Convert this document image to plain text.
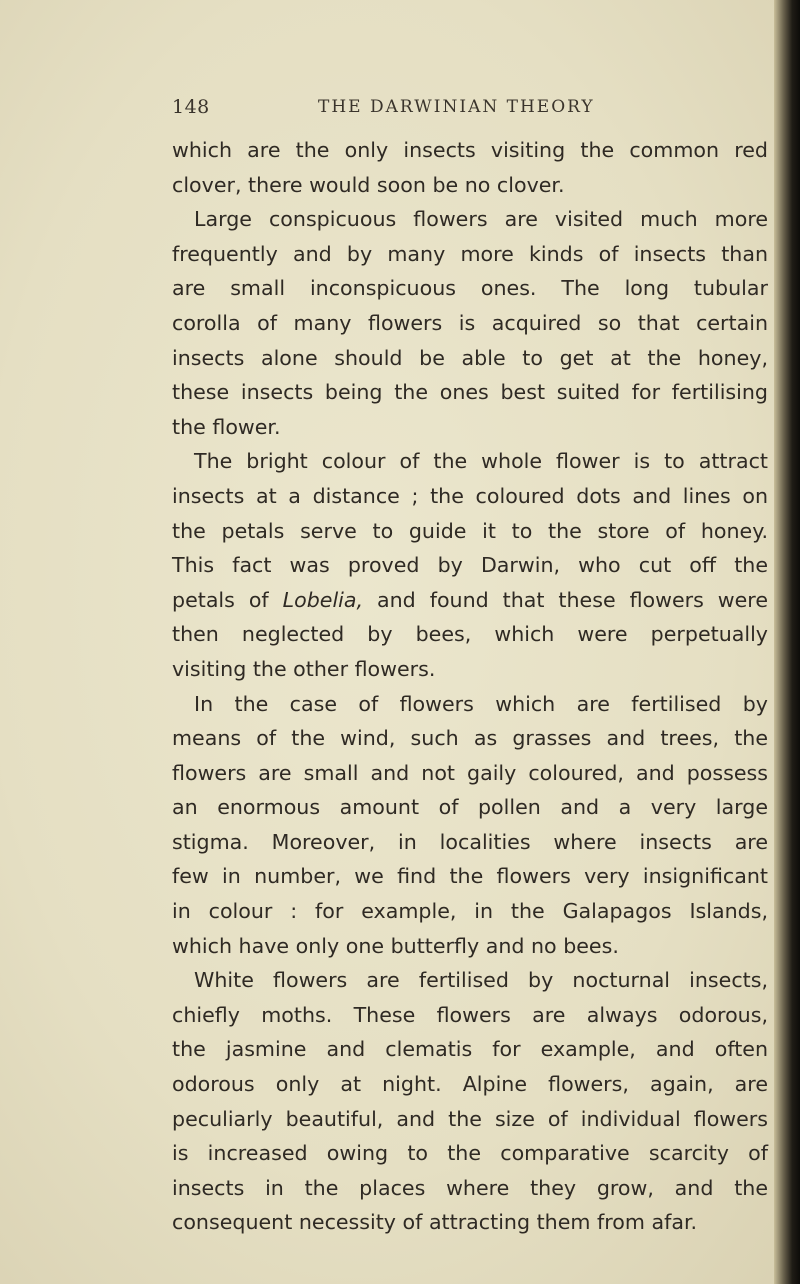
148	THE DARWINIAN THEORY
which are the only insects visiting the common red
clover, there would soon be no clover.
Large conspicuous flowers are visited much more
frequently and by many more kinds of insects than
are small inconspicuous ones. The long tubular
corolla of many flowers is acquired so that certain
insects alone should be able to get at the honey,
these insects being the ones best suited for fertilising
the flower.
The bright colour of the whole flower is to attract
insects at a distance ; the coloured dots and lines on
the petals serve to guide it to the store of honey.
This fact was proved by Darwin, who cut off the
petals of Lobelia, and found that these flowers were
then neglected by bees, which were perpetually
visiting the other flowers.
In the case of flowers which are fertilised by
means of the wind, such as grasses and trees, the
flowers are small and not gaily coloured, and possess
an enormous amount of pollen and a very large
stigma. Moreover, in localities where insects are
few in number, we find the flowers very insignificant
in colour : for example, in the Galapagos Islands,
which have only one butterfly and no bees.
White flowers are fertilised by nocturnal insects,
chiefly moths. These flowers are always odorous,
the jasmine and clematis for example, and often
odorous only at night. Alpine flowers, again, are
peculiarly beautiful, and the size of individual flowers
is increased owing to the comparative scarcity of
insects in the places where they grow, and the
consequent necessity of attracting them from afar.
